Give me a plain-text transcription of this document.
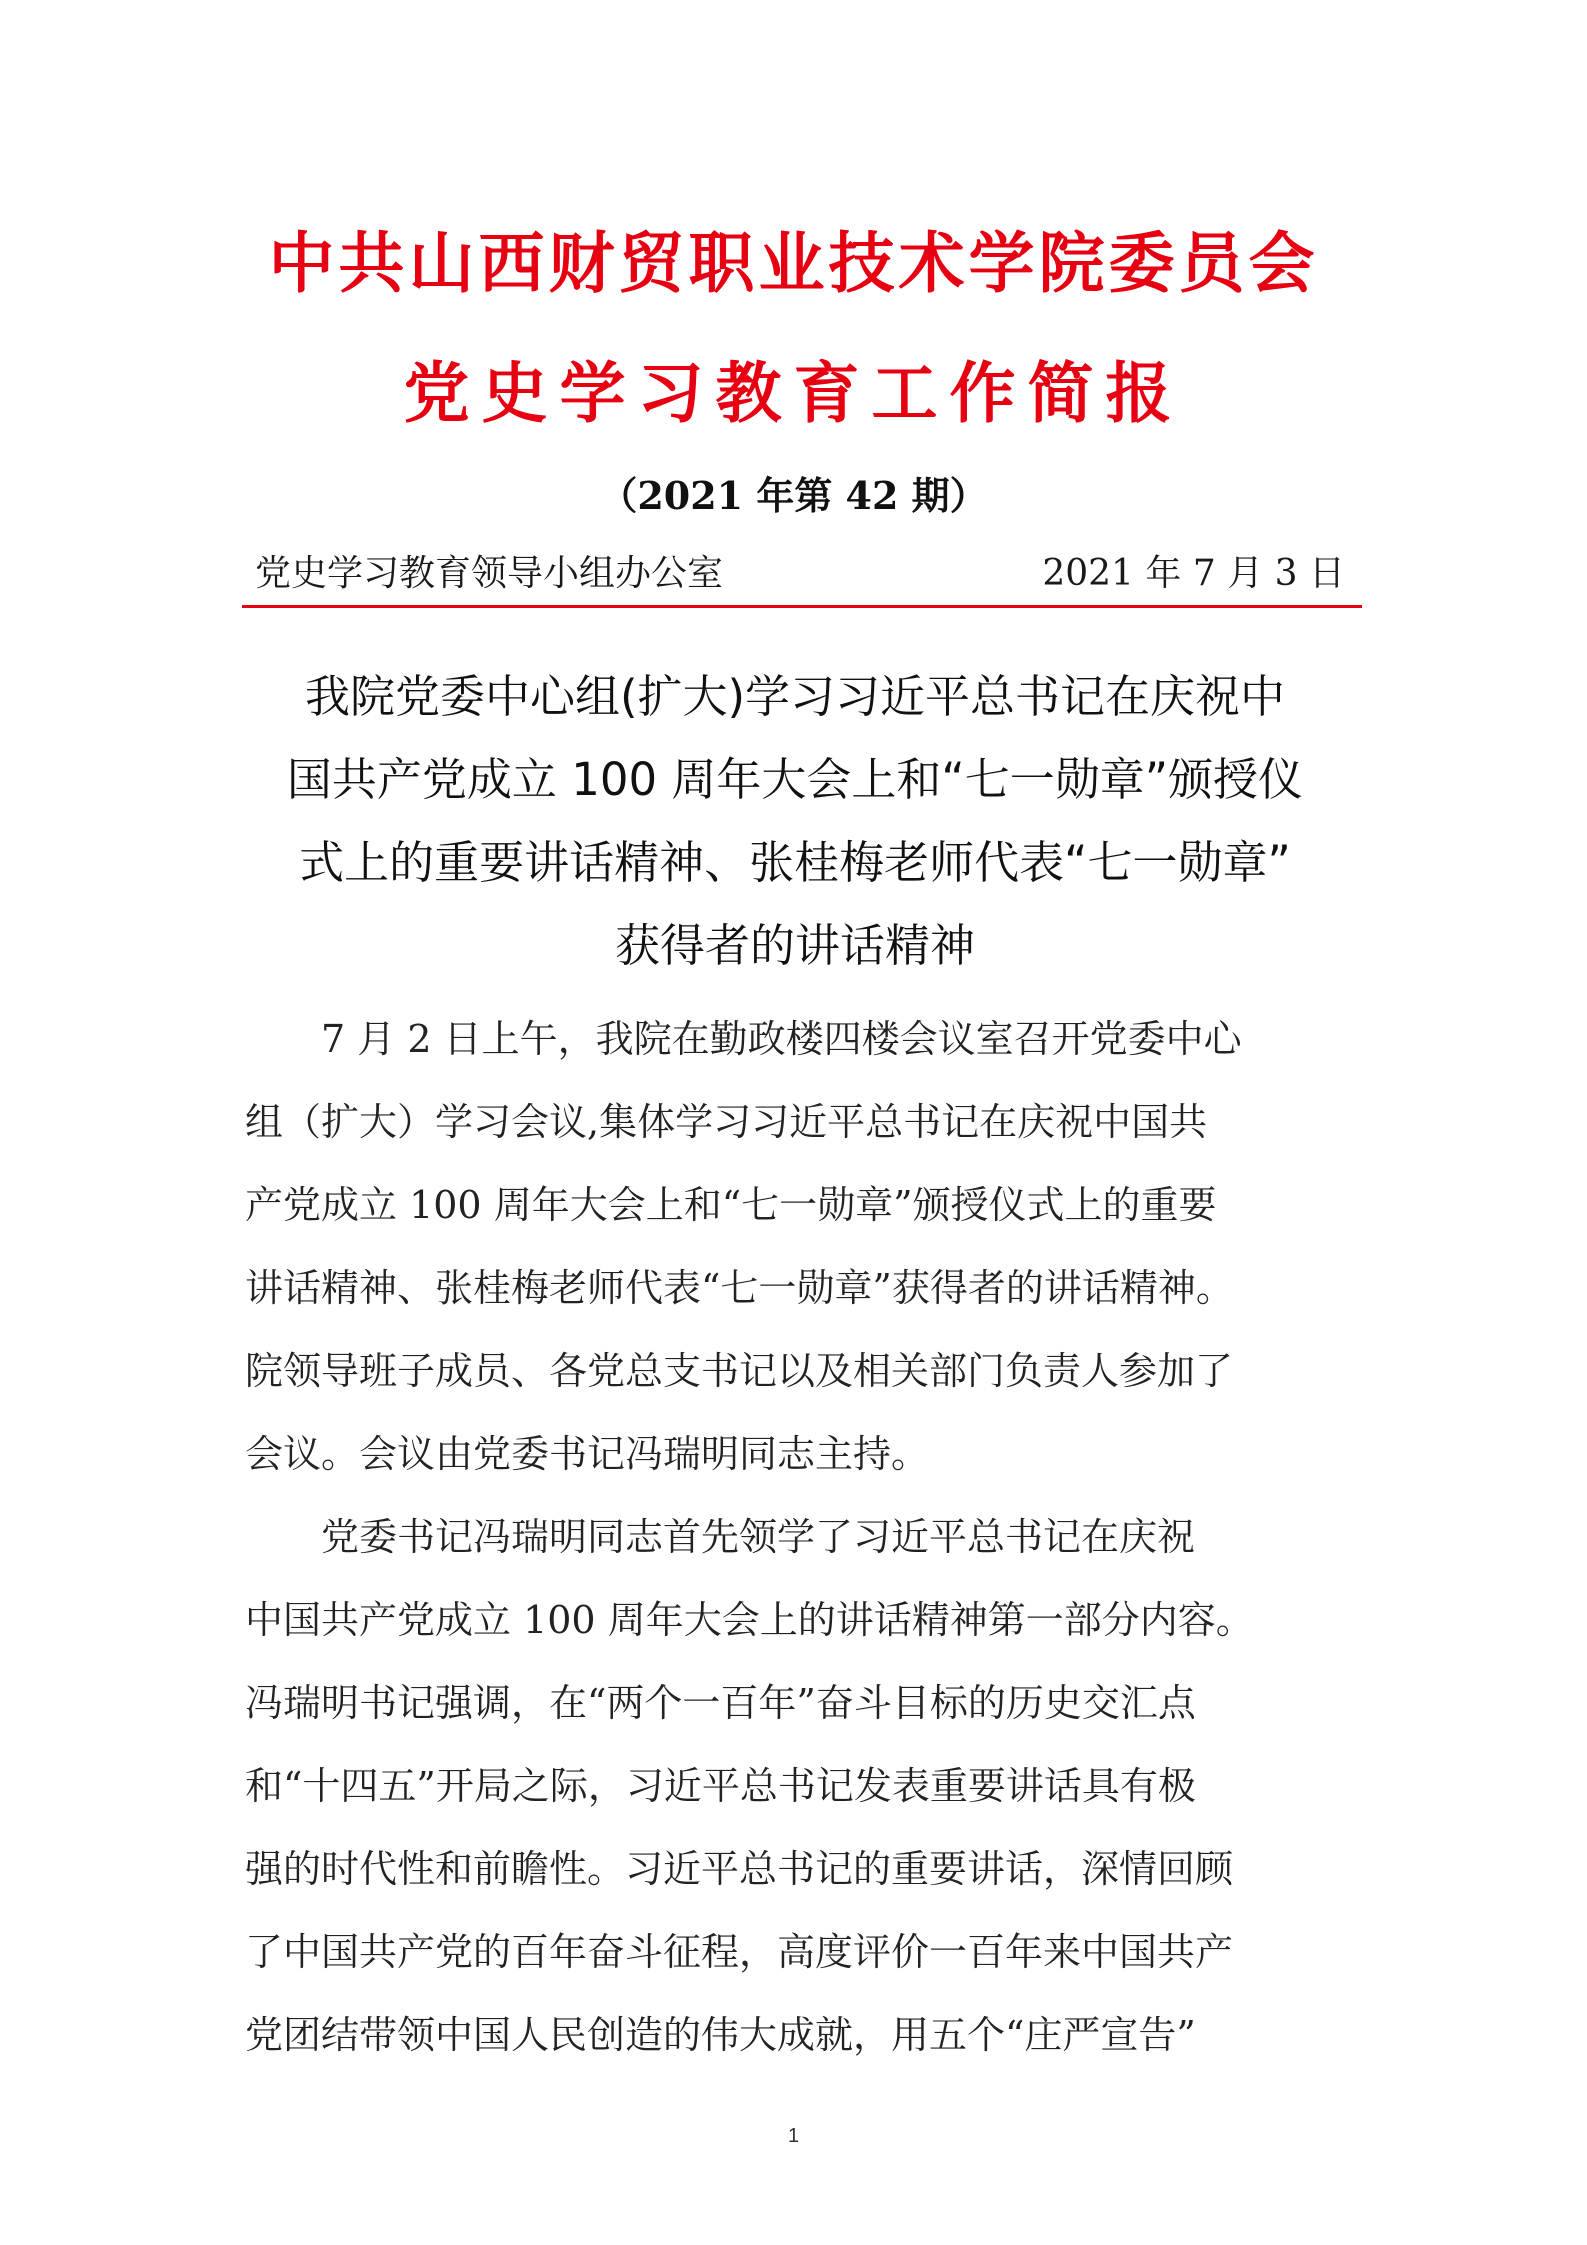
中共山西财贸职业技术学院委员会
党史学习教育工作简报
（2021 年第 42 期）
党史学习教育领导小组办公室	2021 年 7 月 3 日
我院党委中心组(扩大)学习习近平总书记在庆祝中
国共产党成立 100 周年大会上和“七一勋章”颁授仪
式上的重要讲话精神、张桂梅老师代表“七一勋章”
获得者的讲话精神
　　7 月 2 日上午，我院在勤政楼四楼会议室召开党委中心
组（扩大）学习会议,集体学习习近平总书记在庆祝中国共
产党成立 100 周年大会上和“七一勋章”颁授仪式上的重要
讲话精神、张桂梅老师代表“七一勋章”获得者的讲话精神。
院领导班子成员、各党总支书记以及相关部门负责人参加了
会议。会议由党委书记冯瑞明同志主持。
　　党委书记冯瑞明同志首先领学了习近平总书记在庆祝
中国共产党成立 100 周年大会上的讲话精神第一部分内容。
冯瑞明书记强调，在“两个一百年”奋斗目标的历史交汇点
和“十四五”开局之际，习近平总书记发表重要讲话具有极
强的时代性和前瞻性。习近平总书记的重要讲话，深情回顾
了中国共产党的百年奋斗征程，高度评价一百年来中国共产
党团结带领中国人民创造的伟大成就，用五个“庄严宣告”
1
